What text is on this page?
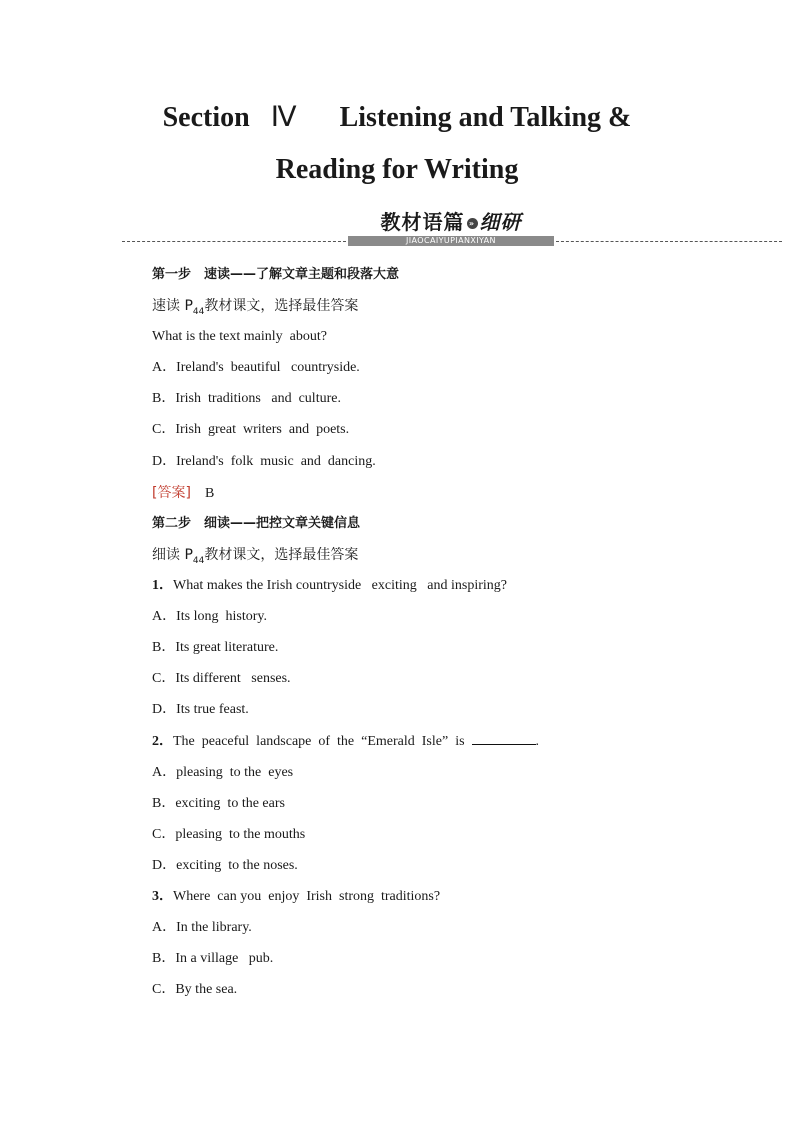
Section Ⅳ Listening and Talking &
Reading for Writing
教材语篇 » 细研
JIAOCAIYUPIANXIYAN
第一步　速读——了解文章主题和段落大意
速读 $P_{44}$教材课文，选择最佳答案
What is the text mainly  about?
A．Ireland's  beautiful   countryside.
B．Irish  traditions   and  culture.
C．Irish  great  writers  and  poets.
D．Ireland's  folk  music  and  dancing.
[答案] B
第二步　细读——把控文章关键信息
细读 $P_{44}$教材课文，选择最佳答案
1．What makes the Irish countryside   exciting   and inspiring?
A．Its long  history.
B．Its great literature.
C．Its different   senses.
D．Its true feast.
2．The  peaceful  landscape  of  the  “Emerald  Isle”  is	.
A．pleasing  to the  eyes
B．exciting  to the ears
C．pleasing  to the mouths
D．exciting  to the noses.
3．Where  can you  enjoy  Irish  strong  traditions?
A．In the library.
B．In a village   pub.
C．By the sea.
